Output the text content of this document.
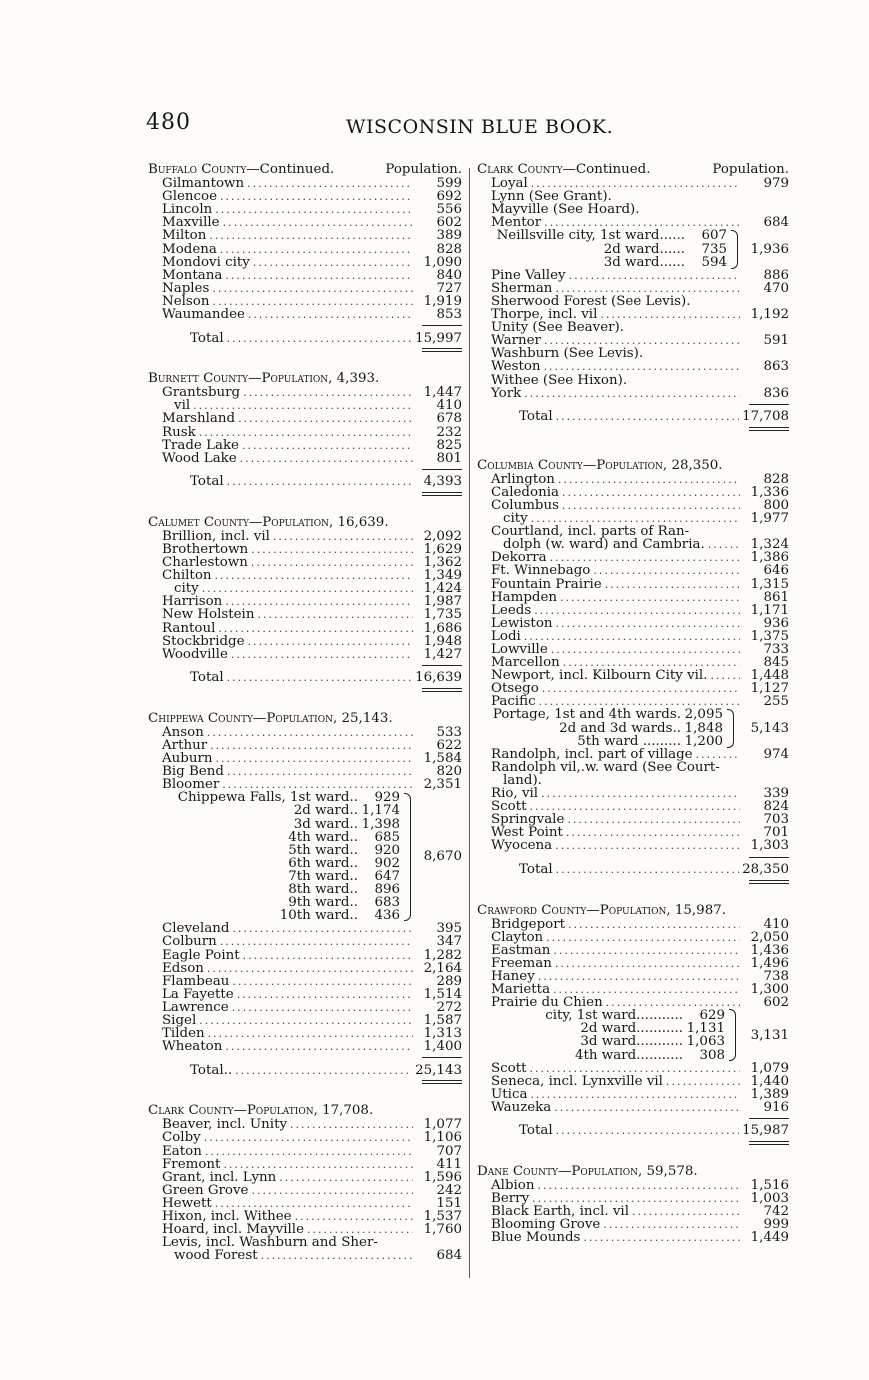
480	WISCONSIN BLUE BOOK.
Buffalo County—Continued.	Population.
Gilmantown .....	599
Glencoe .....	692
Lincoln .....	556
Maxville .....	602
Milton .....	389
Modena .....	828
Mondovi city .....	1,090
Montana .....	840
Naples .....	727
Nelson .....	1,919
Waumandee .....	853
Total .....	15,997
Burnett County—Population, 4,393.
Grantsburg .....	1,447
vil .....	410
Marshland .....	678
Rusk .....	232
Trade Lake .....	825
Wood Lake .....	801
Total .....	4,393
Calumet County—Population, 16,639.
Brillion, incl. vil .....	2,092
Brothertown .....	1,629
Charlestown .....	1,362
Chilton .....	1,349
city .....	1,424
Harrison .....	1,987
New Holstein .....	1,735
Rantoul .....	1,686
Stockbridge .....	1,948
Woodville .....	1,427
Total .....	16,639
Chippewa County—Population, 25,143.
Anson .....	533
Arthur .....	622
Auburn .....	1,584
Big Bend .....	820
Bloomer .....	2,351
Chippewa Falls, 1st ward..	929
2d ward.. 1,174
3d ward.. 1,398
4th ward..	685
5th ward..	920
6th ward..	902
7th ward..	647
8th ward..	896
9th ward..	683
10th ward..	436
8,670
Cleveland .....	395
Colburn .....	347
Eagle Point .....	1,282
Edson .....	2,164
Flambeau .....	289
La Fayette .....	1,514
Lawrence .....	272
Sigel .....	1,587
Tilden .....	1,313
Wheaton .....	1,400
Total.. .....	25,143
Clark County—Population, 17,708.
Beaver, incl. Unity .....	1,077
Colby .....	1,106
Eaton .....	707
Fremont .....	411
Grant, incl. Lynn .....	1,596
Green Grove .....	242
Hewett .....	151
Hixon, incl. Withee .....	1,537
Hoard, incl. Mayville .....	1,760
Levis, incl. Washburn and Sher-
wood Forest .....	684
Clark County—Continued.	Population.
Loyal .....	979
Lynn (See Grant).
Mayville (See Hoard).
Mentor .....	684
Neillsville city, 1st ward......	607
2d ward......	735
3d ward......	594
1,936
Pine Valley .....	886
Sherman .....	470
Sherwood Forest (See Levis).
Thorpe, incl. vil .....	1,192
Unity (See Beaver).
Warner .....	591
Washburn (See Levis).
Weston .....	863
Withee (See Hixon).
York .....	836
Total .....	17,708
Columbia County—Population, 28,350.
Arlington .....	828
Caledonia .....	1,336
Columbus .....	800
city .....	1,977
Courtland, incl. parts of Ran-
dolph (w. ward) and Cambria. .....	1,324
Dekorra .....	1,386
Ft. Winnebago .....	646
Fountain Prairie .....	1,315
Hampden .....	861
Leeds .....	1,171
Lewiston .....	936
Lodi .....	1,375
Lowville .....	733
Marcellon .....	845
Newport, incl. Kilbourn City vil. .....	1,448
Otsego .....	1,127
Pacific .....	255
Portage, 1st and 4th wards. 2,095
2d and 3d wards.. 1,848
5th ward ......... 1,200
5,143
Randolph, incl. part of village .....	974
Randolph vil,.w. ward (See Court-
land).
Rio, vil .....	339
Scott .....	824
Springvale .....	703
West Point .....	701
Wyocena .....	1,303
Total .....	28,350
Crawford County—Population, 15,987.
Bridgeport .....	410
Clayton .....	2,050
Eastman .....	1,436
Freeman .....	1,496
Haney .....	738
Marietta .....	1,300
Prairie du Chien .....	602
city, 1st ward...........	629
2d ward........... 1,131
3d ward........... 1,063
4th ward...........	308
3,131
Scott .....	1,079
Seneca, incl. Lynxville vil .....	1,440
Utica .....	1,389
Wauzeka .....	916
Total .....	15,987
Dane County—Population, 59,578.
Albion .....	1,516
Berry .....	1,003
Black Earth, incl. vil .....	742
Blooming Grove .....	999
Blue Mounds .....	1,449
